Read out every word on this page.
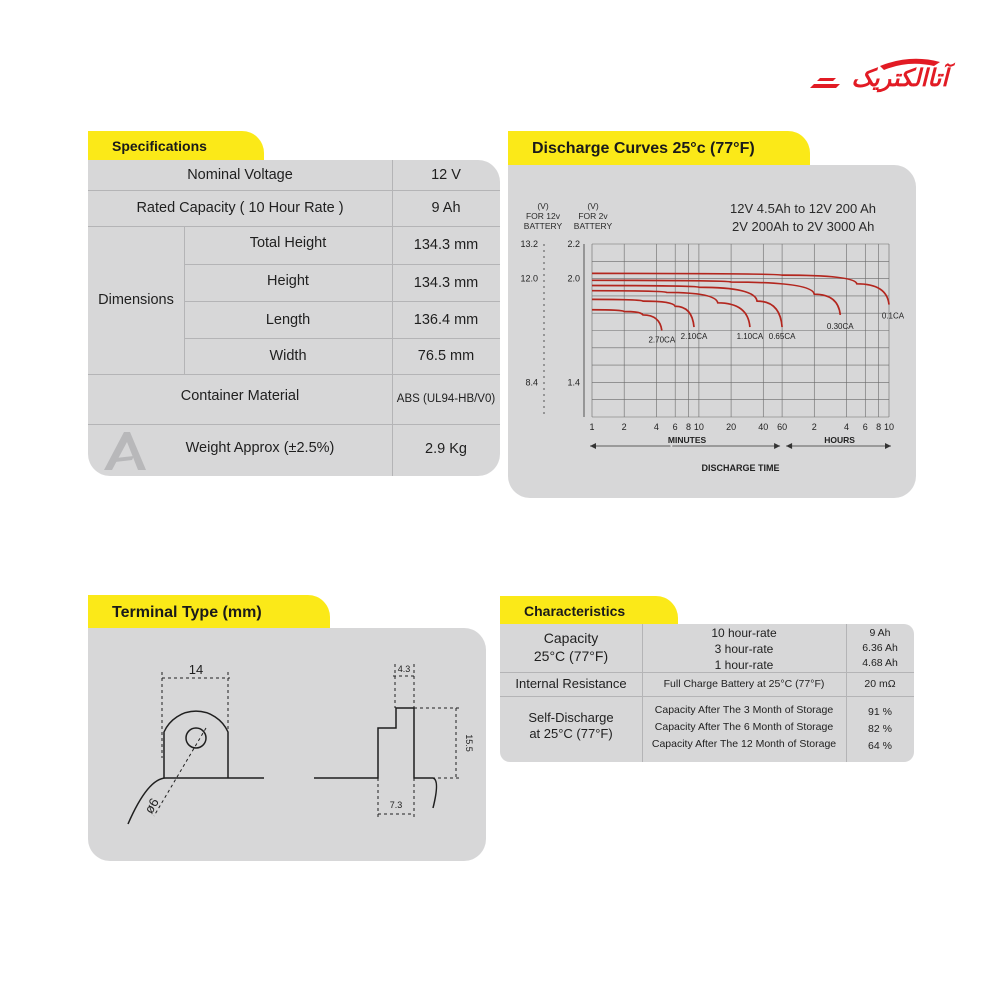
آتاالکتریک
Specifications
Nominal Voltage	12 V
Rated Capacity ( 10 Hour Rate )	9 Ah
Dimensions
Total Height	134.3 mm
Height	134.3 mm
Length	136.4 mm
Width	76.5 mm
Container Material	ABS (UL94-HB/V0)
Weight Approx (±2.5%)	2.9 Kg
Discharge Curves 25°c (77°F)
(V)
FOR 12v
BATTERY
(V)
FOR 2v
BATTERY
12V 4.5Ah to 12V 200 Ah
2V 200Ah to 2V 3000 Ah
2.2
2.0
1.4
13.2
12.0
8.4
1	2	4 6 8 10 20 40 60	2	4 6 8 10
MINUTES	HOURS
DISCHARGE TIME
2.70CA 2.10CA	1.10CA 0.65CA
0.30CA
0.1CA
Terminal Type (mm)
14
ø6
4.3
15.5
7.3
Characteristics
Capacity
25°C (77°F)
10 hour-rate	9 Ah
3 hour-rate	6.36 Ah
1 hour-rate	4.68 Ah
Internal Resistance	Full Charge Battery at 25°C (77°F)	20 mΩ
Self-Discharge
at 25°C (77°F)
Capacity After The 3 Month of Storage	91 %
Capacity After The 6 Month of Storage	82 %
Capacity After The 12 Month of Storage	64 %
